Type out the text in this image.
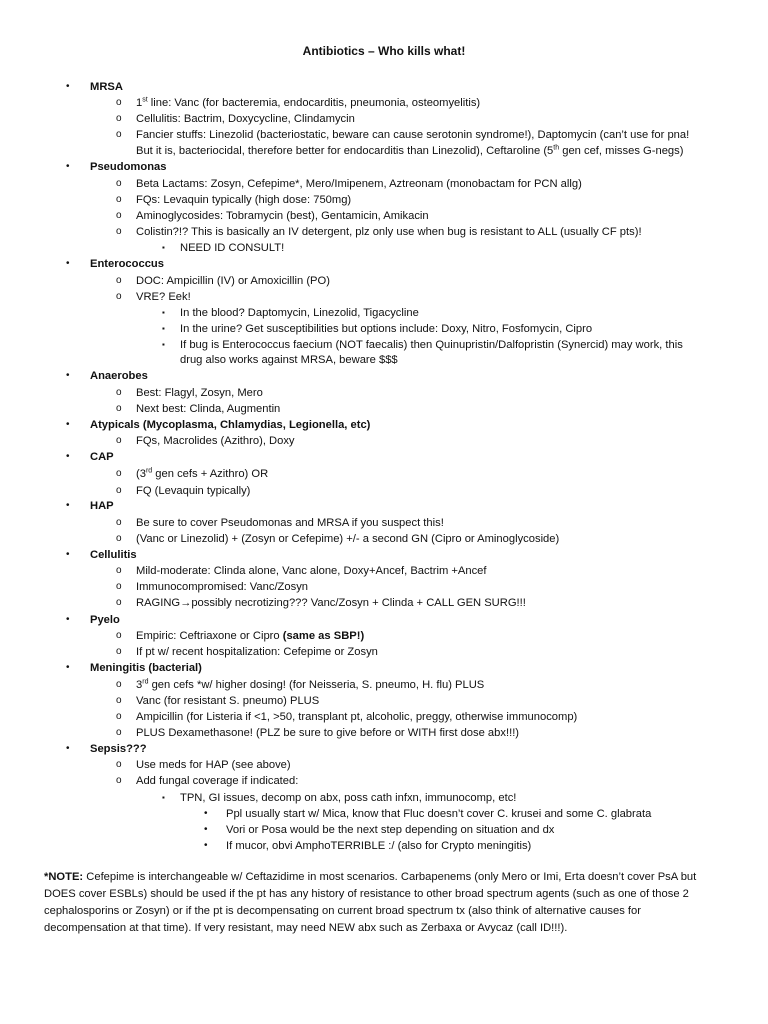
Antibiotics – Who kills what!
• MRSA
o 1st line: Vanc (for bacteremia, endocarditis, pneumonia, osteomyelitis)
o Cellulitis: Bactrim, Doxycycline, Clindamycin
o Fancier stuffs: Linezolid (bacteriostatic, beware can cause serotonin syndrome!), Daptomycin (can’t use for pna!
But it is, bacteriocidal, therefore better for endocarditis than Linezolid), Ceftaroline (5th gen cef, misses G-negs)
• Pseudomonas
o Beta Lactams: Zosyn, Cefepime*, Mero/Imipenem, Aztreonam (monobactam for PCN allg)
o FQs: Levaquin typically (high dose: 750mg)
o Aminoglycosides: Tobramycin (best), Gentamicin, Amikacin
o Colistin?!? This is basically an IV detergent, plz only use when bug is resistant to ALL (usually CF pts)!
▪ NEED ID CONSULT!
• Enterococcus
o DOC: Ampicillin (IV) or Amoxicillin (PO)
o VRE? Eek!
▪ In the blood? Daptomycin, Linezolid, Tigacycline
▪ In the urine? Get susceptibilities but options include: Doxy, Nitro, Fosfomycin, Cipro
▪ If bug is Enterococcus faecium (NOT faecalis) then Quinupristin/Dalfopristin (Synercid) may work, this
drug also works against MRSA, beware $$$
• Anaerobes
o Best: Flagyl, Zosyn, Mero
o Next best: Clinda, Augmentin
• Atypicals (Mycoplasma, Chlamydias, Legionella, etc)
o FQs, Macrolides (Azithro), Doxy
• CAP
o (3rd gen cefs + Azithro) OR
o FQ (Levaquin typically)
• HAP
o Be sure to cover Pseudomonas and MRSA if you suspect this!
o (Vanc or Linezolid) + (Zosyn or Cefepime) +/- a second GN (Cipro or Aminoglycoside)
• Cellulitis
o Mild-moderate: Clinda alone, Vanc alone, Doxy+Ancef, Bactrim +Ancef
o Immunocompromised: Vanc/Zosyn
o RAGING→possibly necrotizing??? Vanc/Zosyn + Clinda + CALL GEN SURG!!!
• Pyelo
o Empiric: Ceftriaxone or Cipro (same as SBP!)
o If pt w/ recent hospitalization: Cefepime or Zosyn
• Meningitis (bacterial)
o 3rd gen cefs *w/ higher dosing! (for Neisseria, S. pneumo, H. flu) PLUS
o Vanc (for resistant S. pneumo) PLUS
o Ampicillin (for Listeria if <1, >50, transplant pt, alcoholic, preggy, otherwise immunocomp)
o PLUS Dexamethasone! (PLZ be sure to give before or WITH first dose abx!!!)
• Sepsis???
o Use meds for HAP (see above)
o Add fungal coverage if indicated:
▪ TPN, GI issues, decomp on abx, poss cath infxn, immunocomp, etc!
• Ppl usually start w/ Mica, know that Fluc doesn’t cover C. krusei and some C. glabrata
• Vori or Posa would be the next step depending on situation and dx
• If mucor, obvi AmphoTERRIBLE :/ (also for Crypto meningitis)
*NOTE: Cefepime is interchangeable w/ Ceftazidime in most scenarios. Carbapenems (only Mero or Imi, Erta doesn’t cover PsA but DOES cover ESBLs) should be used if the pt has any history of resistance to other broad spectrum agents (such as one of those 2 cephalosporins or Zosyn) or if the pt is decompensating on current broad spectrum tx (also think of alternative causes for decompensation at that time). If very resistant, may need NEW abx such as Zerbaxa or Avycaz (call ID!!!).
